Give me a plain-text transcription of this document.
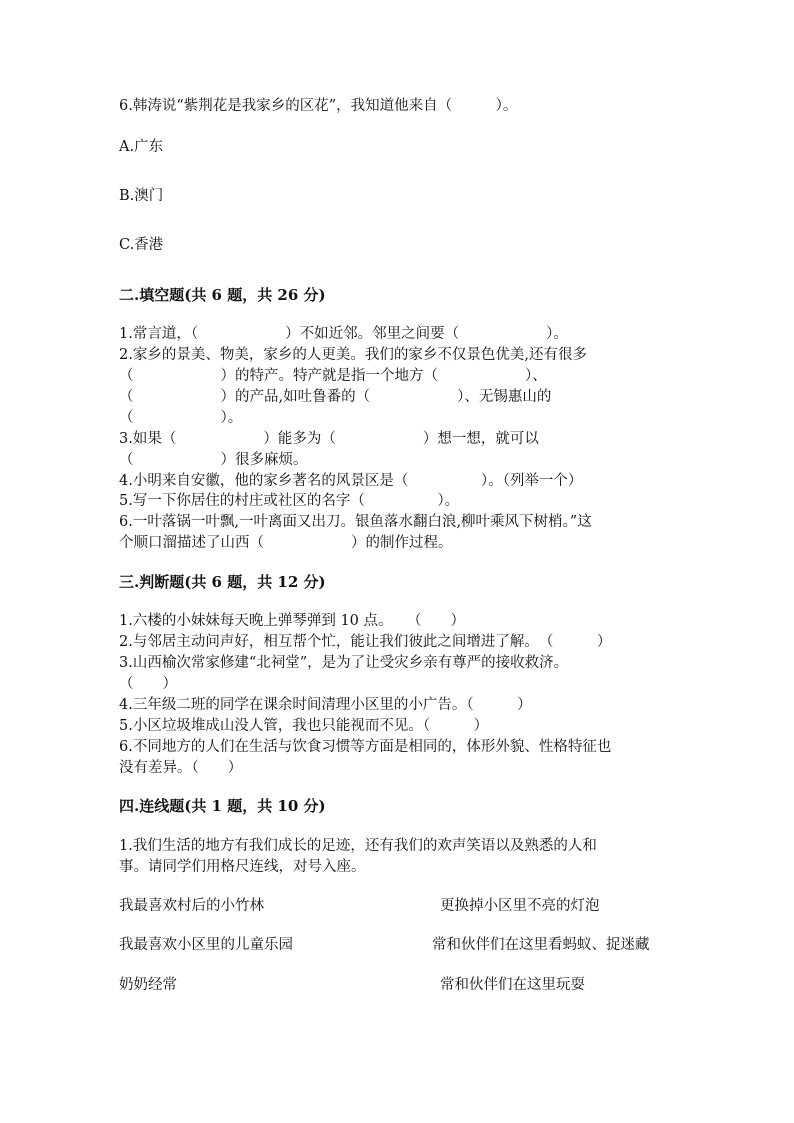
6.韩涛说“紫荆花是我家乡的区花”，我知道他来自（　　　）。

A.广东

B.澳门

C.香港

二.填空题(共 6 题，共 26 分)

1.常言道，（　　　　　　）不如近邻。邻里之间要（　　　　　　）。

2.家乡的景美、物美，家乡的人更美。我们的家乡不仅景色优美,还有很多

（　　　　　　）的特产。特产就是指一个地方（　　　　　　）、

（　　　　　　）的产品,如吐鲁番的（　　　　　　）、无锡惠山的

（　　　　　　）。

3.如果（　　　　　　）能多为（　　　　　　）想一想，就可以

（　　　　　　）很多麻烦。

4.小明来自安徽，他的家乡著名的风景区是（　　　　　）。（列举一个）

5.写一下你居住的村庄或社区的名字（　　　　　）。

6.一叶落锅一叶飘,一叶离面又出刀。银鱼落水翻白浪,柳叶乘风下树梢。”这

个顺口溜描述了山西（　　　　　　）的制作过程。

三.判断题(共 6 题，共 12 分)

1.六楼的小妹妹每天晚上弹琴弹到 10 点。　　（　　）

2.与邻居主动问声好，相互帮个忙，能让我们彼此之间增进了解。　（　　　）

3.山西榆次常家修建“北祠堂”，是为了让受灾乡亲有尊严的接收救济。

（　　）

4.三年级二班的同学在课余时间清理小区里的小广告。（　　　）

5.小区垃圾堆成山没人管，我也只能视而不见。（　　　）

6.不同地方的人们在生活与饮食习惯等方面是相同的，体形外貌、性格特征也

没有差异。（　　）

四.连线题(共 1 题，共 10 分)

1.我们生活的地方有我们成长的足迹，还有我们的欢声笑语以及熟悉的人和

事。请同学们用格尺连线，对号入座。

我最喜欢村后的小竹林	更换掉小区里不亮的灯泡

我最喜欢小区里的儿童乐园	常和伙伴们在这里看蚂蚁、捉迷藏

奶奶经常	常和伙伴们在这里玩耍
